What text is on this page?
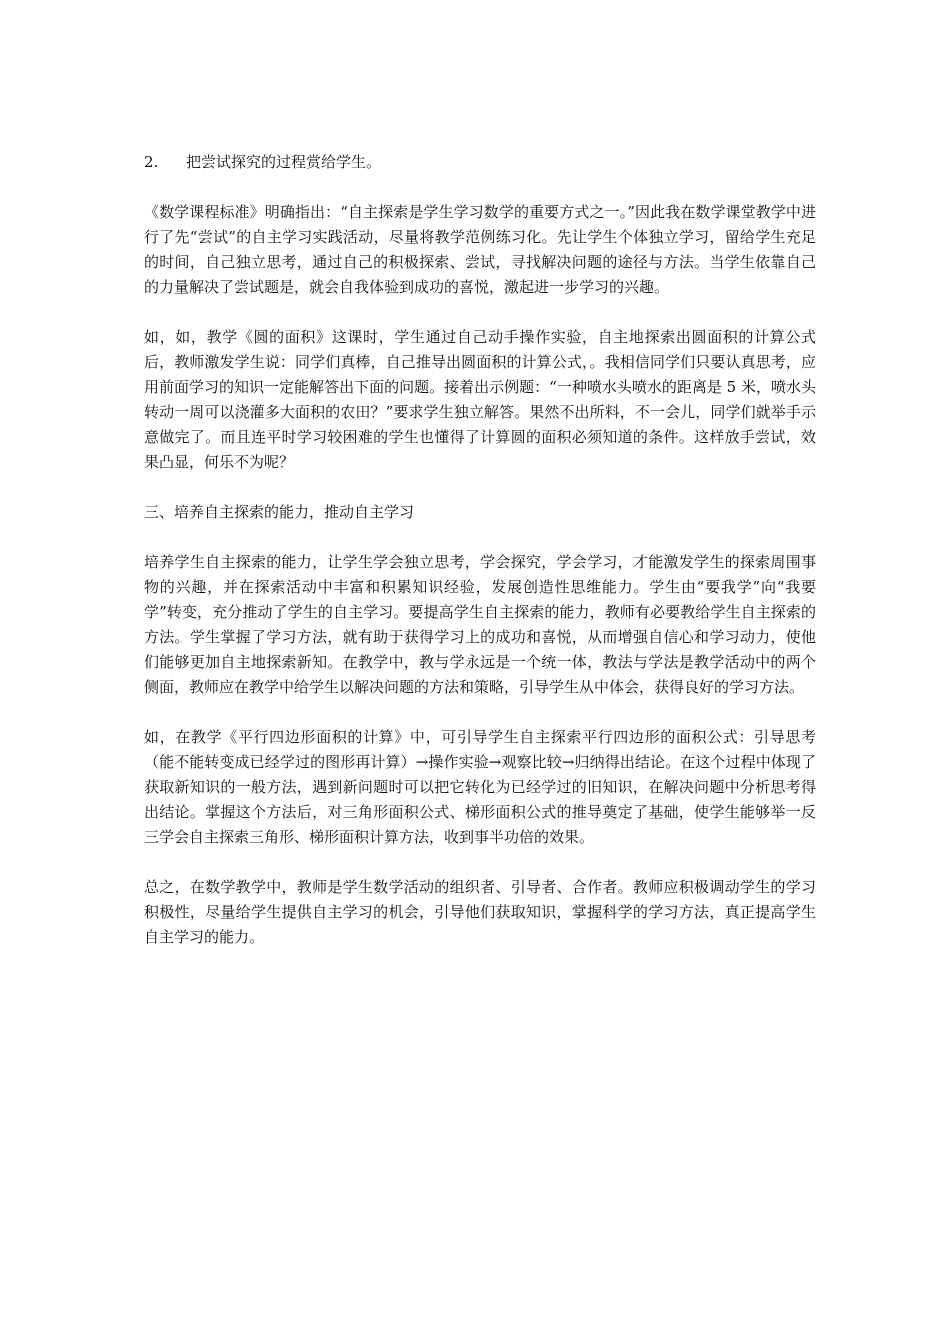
2. 把尝试探究的过程赏给学生。

《数学课程标准》明确指出：“自主探索是学生学习数学的重要方式之一。”因此我在数学课堂教学中进行了先“尝试”的自主学习实践活动，尽量将教学范例练习化。先让学生个体独立学习，留给学生充足的时间，自己独立思考，通过自己的积极探索、尝试，寻找解决问题的途径与方法。当学生依靠自己的力量解决了尝试题是，就会自我体验到成功的喜悦，激起进一步学习的兴趣。

如，如，教学《圆的面积》这课时，学生通过自己动手操作实验，自主地探索出圆面积的计算公式后，教师激发学生说：同学们真棒，自己推导出圆面积的计算公式，。我相信同学们只要认真思考，应用前面学习的知识一定能解答出下面的问题。接着出示例题：“一种喷水头喷水的距离是 5 米，喷水头转动一周可以浇灌多大面积的农田？”要求学生独立解答。果然不出所料，不一会儿，同学们就举手示意做完了。而且连平时学习较困难的学生也懂得了计算圆的面积必须知道的条件。这样放手尝试，效果凸显，何乐不为呢？

三、培养自主探索的能力，推动自主学习

培养学生自主探索的能力，让学生学会独立思考，学会探究，学会学习，才能激发学生的探索周围事物的兴趣，并在探索活动中丰富和积累知识经验，发展创造性思维能力。学生由“要我学”向“我要学”转变，充分推动了学生的自主学习。要提高学生自主探索的能力，教师有必要教给学生自主探索的方法。学生掌握了学习方法，就有助于获得学习上的成功和喜悦，从而增强自信心和学习动力，使他们能够更加自主地探索新知。在教学中，教与学永远是一个统一体，教法与学法是教学活动中的两个侧面，教师应在教学中给学生以解决问题的方法和策略，引导学生从中体会，获得良好的学习方法。

如，在教学《平行四边形面积的计算》中，可引导学生自主探索平行四边形的面积公式：引导思考（能不能转变成已经学过的图形再计算）→操作实验→观察比较→归纳得出结论。在这个过程中体现了获取新知识的一般方法，遇到新问题时可以把它转化为已经学过的旧知识，在解决问题中分析思考得出结论。掌握这个方法后，对三角形面积公式、梯形面积公式的推导奠定了基础，使学生能够举一反三学会自主探索三角形、梯形面积计算方法，收到事半功倍的效果。

总之，在数学教学中，教师是学生数学活动的组织者、引导者、合作者。教师应积极调动学生的学习积极性，尽量给学生提供自主学习的机会，引导他们获取知识，掌握科学的学习方法，真正提高学生自主学习的能力。
